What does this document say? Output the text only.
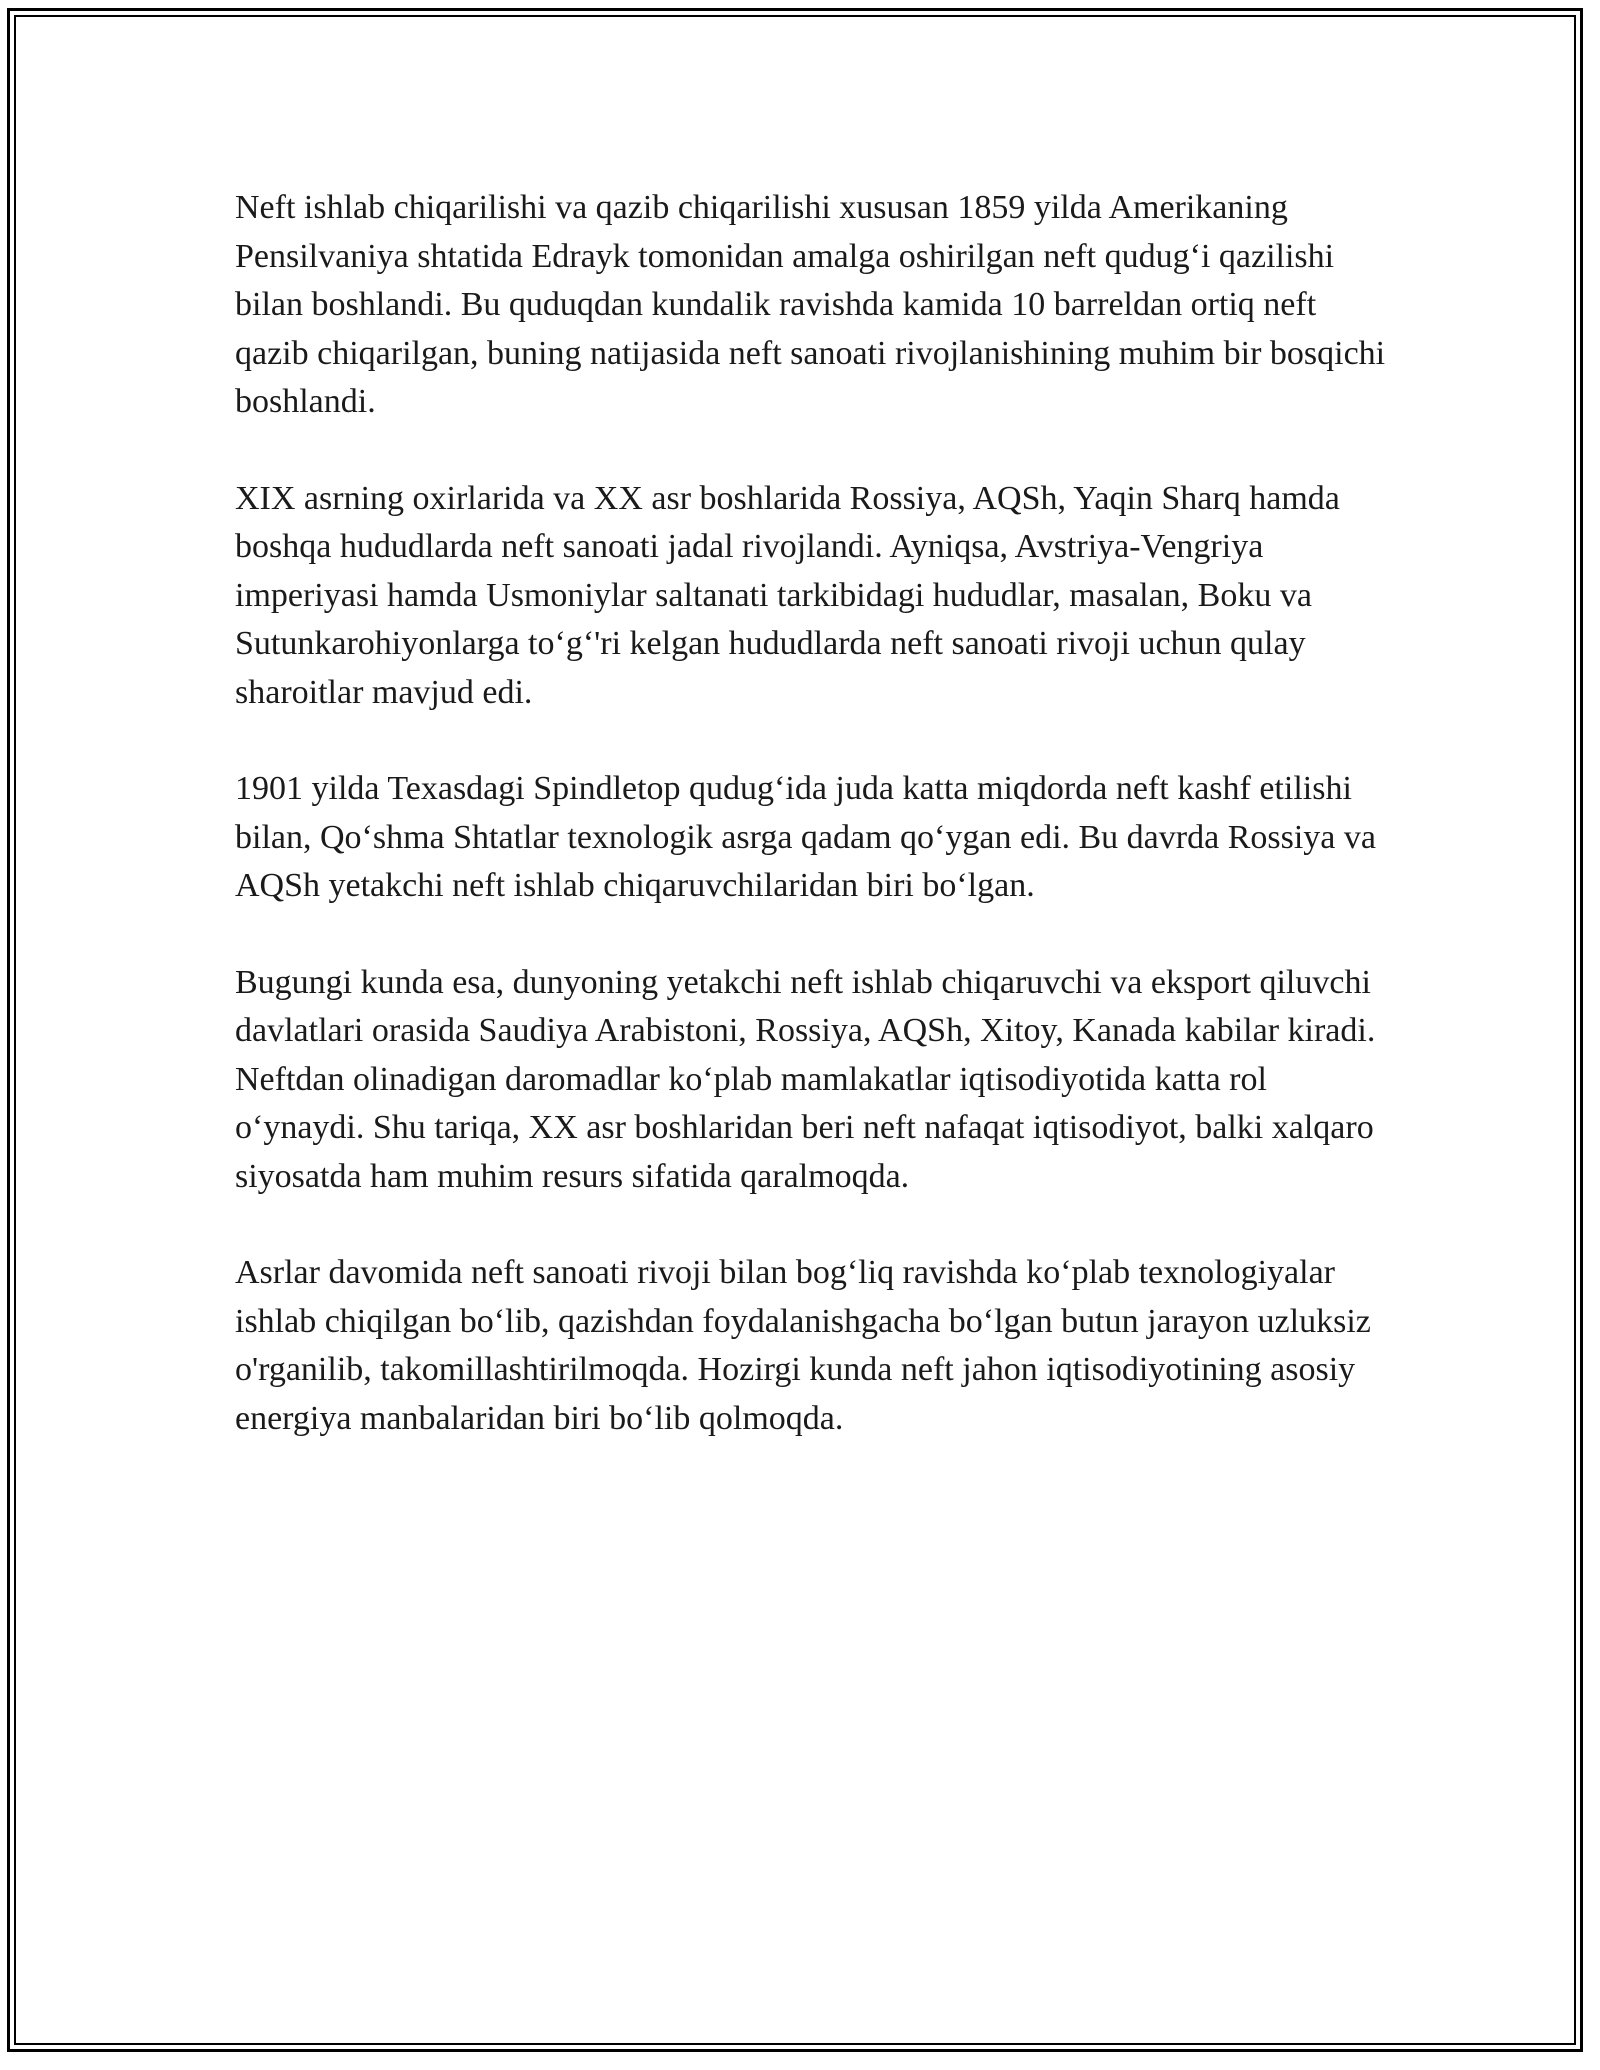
Neft ishlab chiqarilishi va qazib chiqarilishi xususan 1859 yilda Amerikaning Pensilvaniya shtatida Edrayk tomonidan amalga oshirilgan neft qudug‘i qazilishi bilan boshlandi. Bu quduqdan kundalik ravishda kamida 10 barreldan ortiq neft qazib chiqarilgan, buning natijasida neft sanoati rivojlanishining muhim bir bosqichi boshlandi.

XIX asrning oxirlarida va XX asr boshlarida Rossiya, AQSh, Yaqin Sharq hamda boshqa hududlarda neft sanoati jadal rivojlandi. Ayniqsa, Avstriya-Vengriya imperiyasi hamda Usmoniylar saltanati tarkibidagi hududlar, masalan, Boku va Sutunkarohiyonlarga to‘g‘'ri kelgan hududlarda neft sanoati rivoji uchun qulay sharoitlar mavjud edi.

1901 yilda Texasdagi Spindletop qudug‘ida juda katta miqdorda neft kashf etilishi bilan, Qo‘shma Shtatlar texnologik asrga qadam qo‘ygan edi. Bu davrda Rossiya va AQSh yetakchi neft ishlab chiqaruvchilaridan biri bo‘lgan.

Bugungi kunda esa, dunyoning yetakchi neft ishlab chiqaruvchi va eksport qiluvchi davlatlari orasida Saudiya Arabistoni, Rossiya, AQSh, Xitoy, Kanada kabilar kiradi. Neftdan olinadigan daromadlar ko‘plab mamlakatlar iqtisodiyotida katta rol o‘ynaydi. Shu tariqa, XX asr boshlaridan beri neft nafaqat iqtisodiyot, balki xalqaro siyosatda ham muhim resurs sifatida qaralmoqda.

Asrlar davomida neft sanoati rivoji bilan bog‘liq ravishda ko‘plab texnologiyalar ishlab chiqilgan bo‘lib, qazishdan foydalanishgacha bo‘lgan butun jarayon uzluksiz o'rganilib, takomillashtirilmoqda. Hozirgi kunda neft jahon iqtisodiyotining asosiy energiya manbalaridan biri bo‘lib qolmoqda.
